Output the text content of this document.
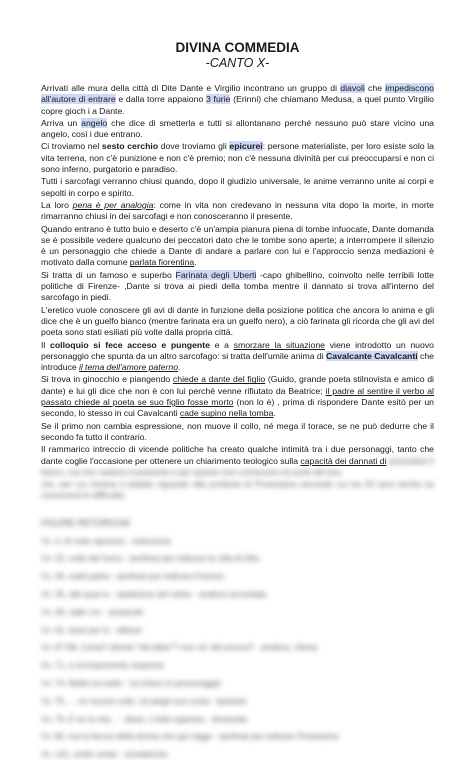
DIVINA COMMEDIA
-CANTO X-

Arrivati alle mura della città di Dite Dante e Virgilio incontrano un gruppo di diavoli che impediscono all'autore di entrare e dalla torre appaiono 3 furie (Erinni) che chiamano Medusa, a quel punto Virgilio copre gioch i a Dante.

Arriva un angelo che dice di smetterla e tutti si allontanano perché nessuno può stare vicino una angelo, così i due entrano.

Ci troviamo nel sesto cerchio dove troviamo gli epicurei: persone materialiste, per loro esiste solo la vita terrena, non c'è punizione e non c'è premio; non c'è nessuna divinità per cui preoccuparsi e non ci sono inferno, purgatorio e paradiso.

Tutti i sarcofagi verranno chiusi quando, dopo il giudizio universale, le anime verranno unite ai corpi e sepolti in corpo e spirito.

La loro pena è per analogia: come in vita non credevano in nessuna vita dopo la morte, in morte rimarranno chiusi in dei sarcofagi e non conosceranno il presente.

Quando entrano è tutto buio e deserto c'è un'ampia pianura piena di tombe infuocate, Dante domanda se è possibile vedere qualcuno dei peccatori dato che le tombe sono aperte; a interrompere il silenzio è un personaggio che chiede a Dante di andare a parlare con lui e l'approccio senza mediazioni è motivato dalla comune parlata fiorentina.

Si tratta di un famoso e superbo Farinata degli Uberti -capo ghibellino, coinvolto nelle terribili lotte politiche di Firenze- ,Dante si trova ai piedi della tomba mentre il dannato si trova all'interno del sarcofago in piedi.

L'eretico vuole conoscere gli avi di dante in funzione della posizione politica che ancora lo anima e gli dice che è un guelfo bianco (mentre farinata era un guelfo nero), a ciò farinata gli ricorda che gli avi del poeta sono stati esiliati più volte dalla propria città.

Il colloquio si fece acceso e pungente e a smorzare la situazione viene introdotto un nuovo personaggio che spunta da un altro sarcofago: si tratta dell'umile anima di Cavalcante Cavalcanti che introduce il tema dell'amore paterno.

Si trova in ginocchio e piangendo chiede a dante del figlio (Guido, grande poeta stilnovista e amico di dante) e lui gli dice che non è con lui perché venne rifiutato da Beatrice; il padre al sentire il verbo al passato chiede al poeta se suo figlio fosse morto (non lo è) , prima di rispondere Dante esitò per un secondo, lo stesso in cui Cavalcanti cade supino nella tomba.

Se il primo non cambia espressione, non muove il collo, né mega il torace, se ne può dedurre che il secondo fa tutto il contrario.

Il rammarico intreccio di vicende politiche ha creato qualche intimità tra i due personaggi, tanto che dante coglie l'occasione per ottenere un chiarimento teologico sulla capacità dei dannati di prevedere il futuro, ma non vedono il presente e per questo non conoscono la sorte dei loro

vivi, per cui rimane il dubbio riguardo alla profezia di Proserpina secondo cui tra 50 anni anche lui conoscerà le difficoltà

FIGURE RETORICHE
Vv. 4, Al volto apertura - metonimia
Vv. 22, volta del fuoco - perifrasi per indicare la città di Dite.
Vv. 26, nobil patria - perifrasi per indicare Firenze.
Vv. 35, alle quai io - ripetizione del verbo - anafora accordata
Vv. 39, vidili i lor - anastrofe
Vv. 41, fossi per lo - sillessi
Vv. 67-68, Come? dicesti "elli ebbe"? non viv' elli ancora? - anafora, climax
Vv. 71, a ricomponendo sorpresa
Vv. 74, Molto ha tratto - ha inteso lo personaggio
Vv. 75, ... ne muove collo, né piegò sua costa - iperbato
Vv. 76, E se la mia... - disse, o fatto appreso - domanda
Vv. 80, ma la faccia della donna che qui regge - perifrasi per indicare Proserpina
Vv. 131, molto verde - sineddoche
